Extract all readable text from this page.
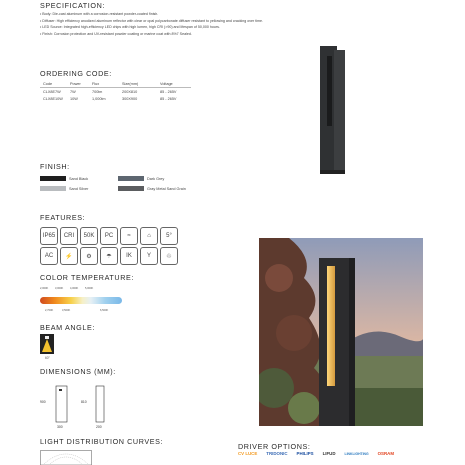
SPECIFICATION:
• Body: Die-cast aluminum with a corrosion-resistant powder-coated finish.
• Diffuser: High efficiency anodized aluminum reflector with clear or opal polycarbonate diffuser resistant to yellowing and cracking over time.
• LED Source: Integrated high-efficiency LED chips with high lumen, high CRI (>90) and lifespan of 50,000 hours.
• Finish: Corrosion protection and UV-resistant powder coating or marine coat with 8%7 Sealed.
ORDERING CODE:
Code	Power	Flux	Size(mm)	Voltage
CLX8E7W	7W	700lm	200X810	85 - 265V
CLX8E10W	10W	1,000lm	300X900	85 - 265V
FINISH:
Sand Black	Dark Grey
Sand Silver	Gray Metal Sand Grain
FEATURES:
IP65	CRI	50K	PC	≈	⌂	5°
AC	⚡	⚙	☂	IK	Y	♲
COLOR TEMPERATURE:
2,000K	3,000K	4,000K	5,000K
2,700K	3,500K	6,500K
BEAM ANGLE:
60°
DIMENSIONS (MM):
900
300
810
200
LIGHT DISTRIBUTION CURVES:
DRIVER OPTIONS:
CV LUCE TRIDONIC PHILIPS LIFUD	LINKLIGHTING OSRAM
